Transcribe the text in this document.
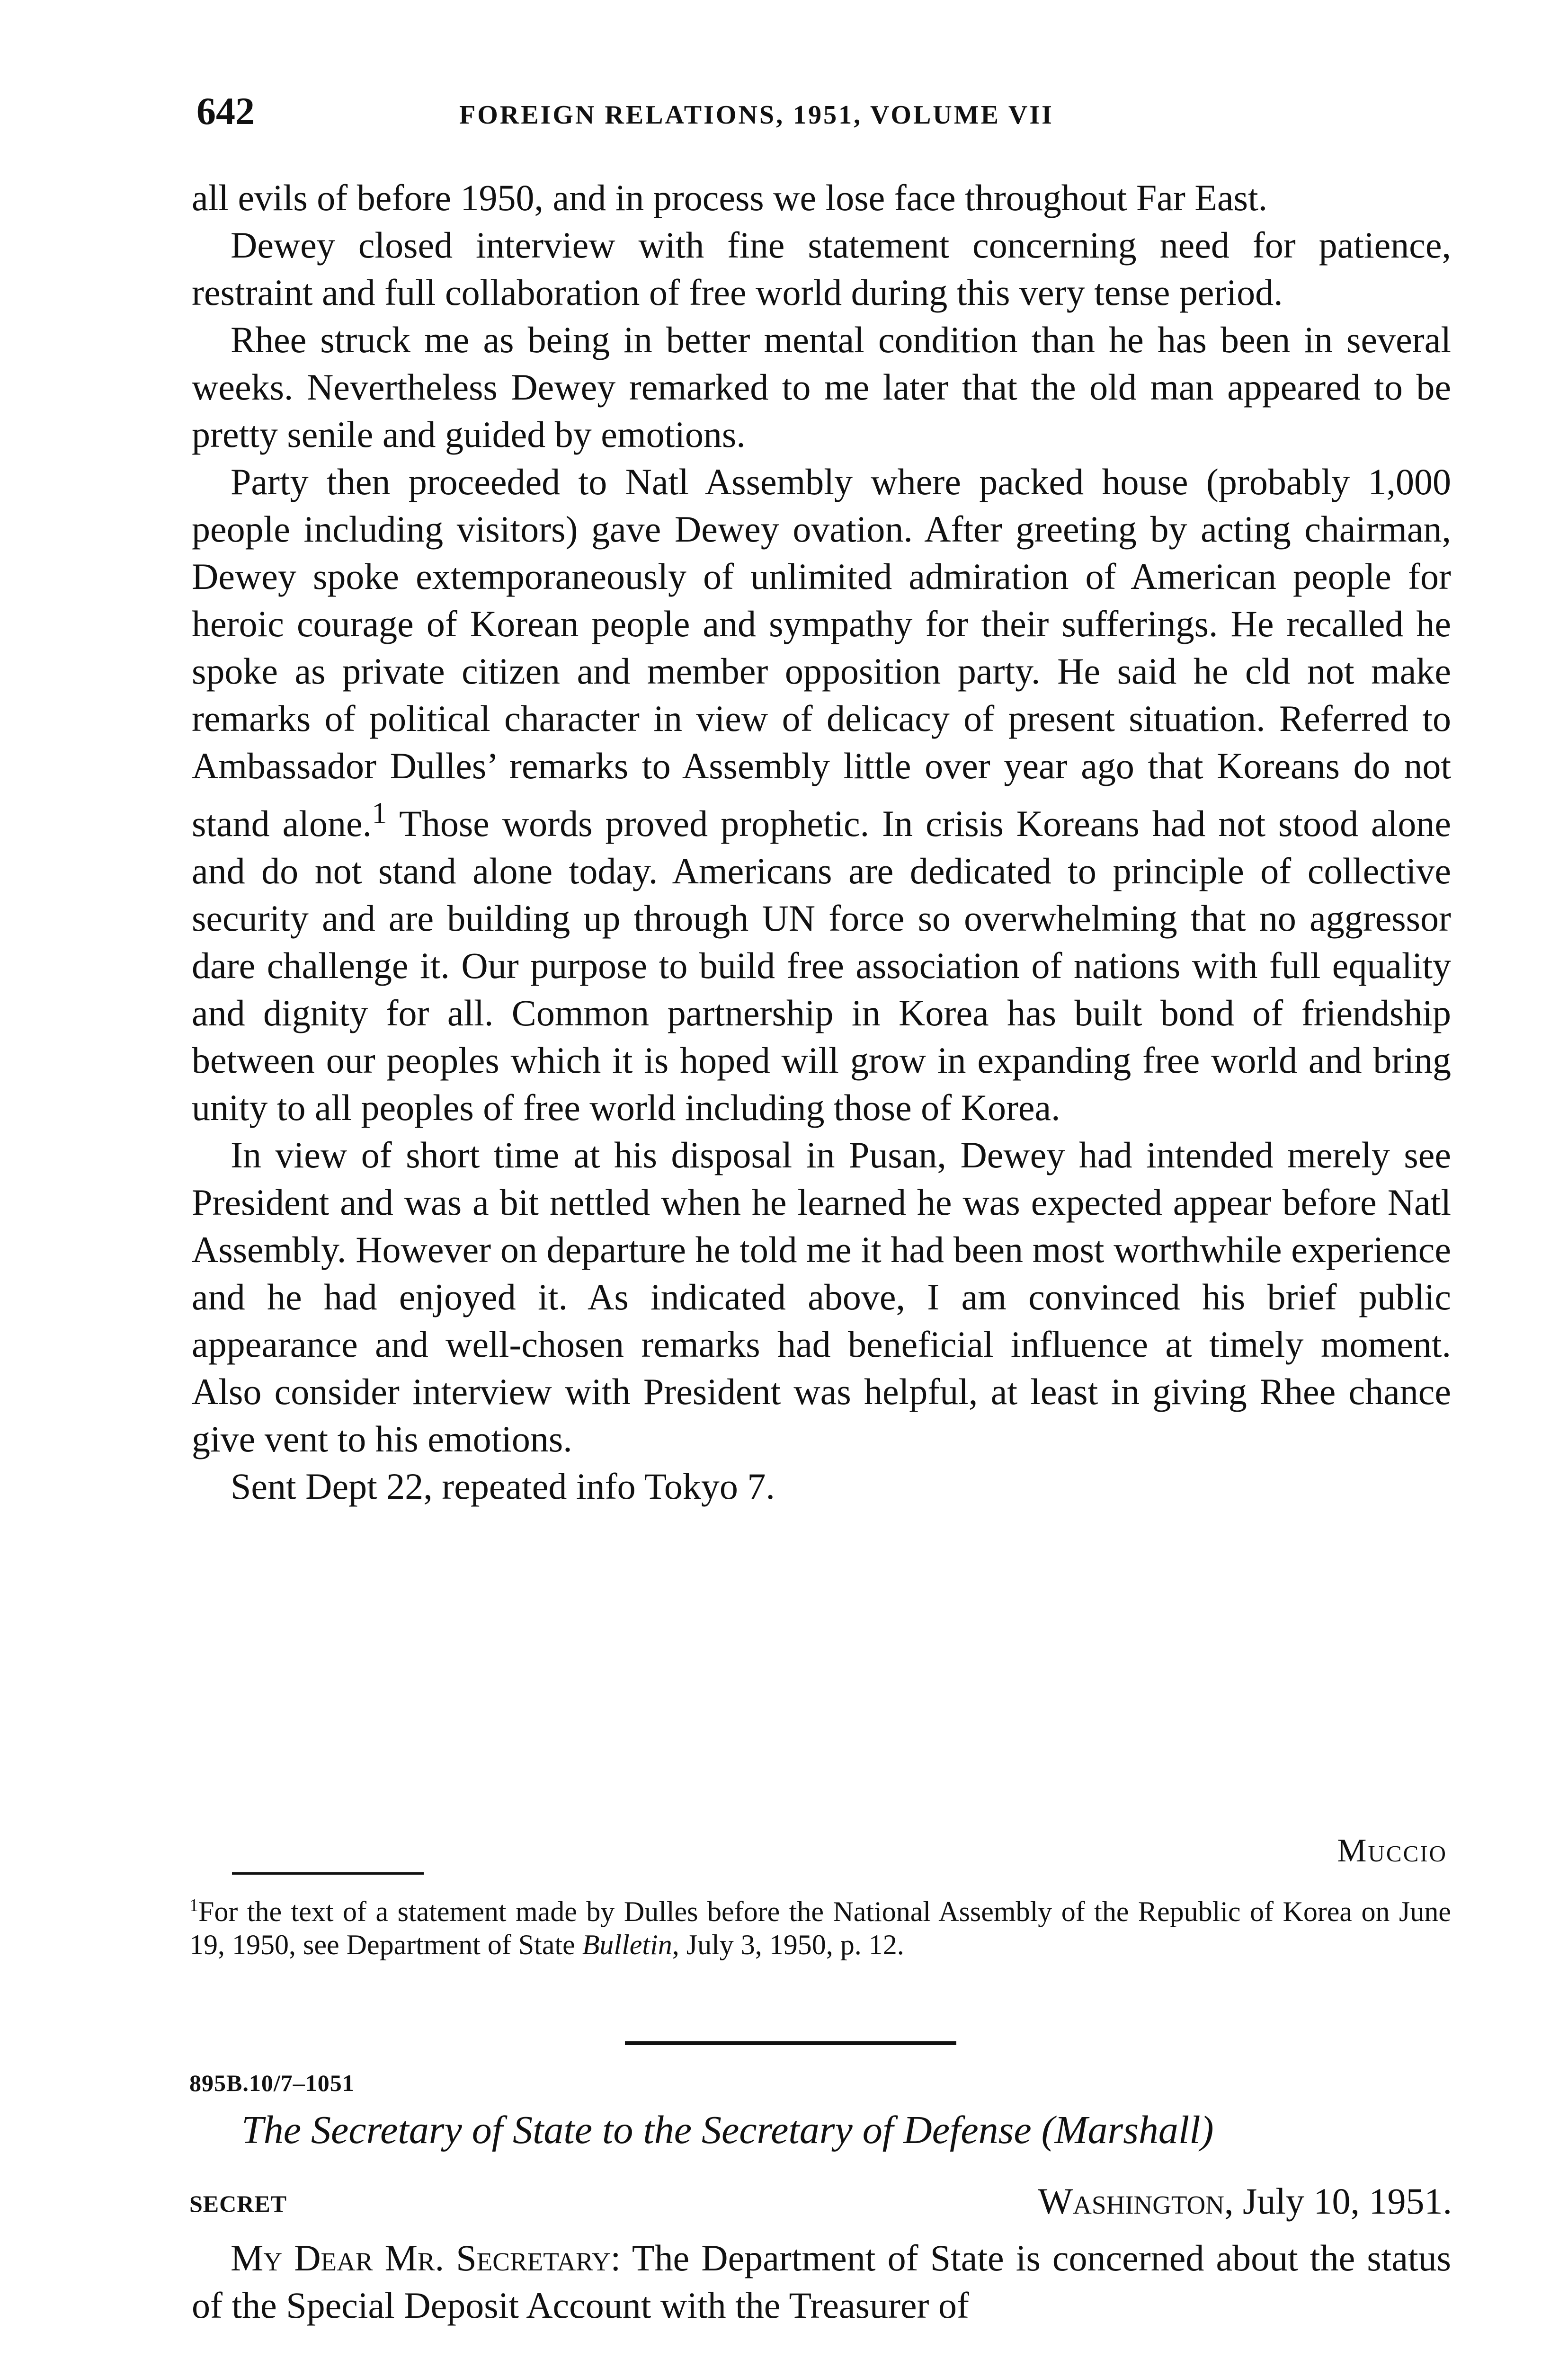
642	FOREIGN RELATIONS, 1951, VOLUME VII

all evils of before 1950, and in process we lose face throughout Far East.

Dewey closed interview with fine statement concerning need for patience, restraint and full collaboration of free world during this very tense period.

Rhee struck me as being in better mental condition than he has been in several weeks. Nevertheless Dewey remarked to me later that the old man appeared to be pretty senile and guided by emotions.

Party then proceeded to Natl Assembly where packed house (probably 1,000 people including visitors) gave Dewey ovation. After greeting by acting chairman, Dewey spoke extemporaneously of unlimited admiration of American people for heroic courage of Korean people and sympathy for their sufferings. He recalled he spoke as private citizen and member opposition party. He said he cld not make remarks of political character in view of delicacy of present situation. Referred to Ambassador Dulles’ remarks to Assembly little over year ago that Koreans do not stand alone.$^1$ Those words proved prophetic. In crisis Koreans had not stood alone and do not stand alone today. Americans are dedicated to principle of collective security and are building up through UN force so overwhelming that no aggressor dare challenge it. Our purpose to build free association of nations with full equality and dignity for all. Common partnership in Korea has built bond of friendship between our peoples which it is hoped will grow in expanding free world and bring unity to all peoples of free world including those of Korea.

In view of short time at his disposal in Pusan, Dewey had intended merely see President and was a bit nettled when he learned he was expected appear before Natl Assembly. However on departure he told me it had been most worthwhile experience and he had enjoyed it. As indicated above, I am convinced his brief public appearance and well-chosen remarks had beneficial influence at timely moment. Also consider interview with President was helpful, at least in giving Rhee chance give vent to his emotions.

Sent Dept 22, repeated info Tokyo 7.

Muccio
$^1$For the text of a statement made by Dulles before the National Assembly of the Republic of Korea on June 19, 1950, see Department of State Bulletin, July 3, 1950, p. 12.
895B.10/7–1051
The Secretary of State to the Secretary of Defense (Marshall)
SECRET	Washington, July 10, 1951.
My Dear Mr. Secretary: The Department of State is concerned about the status of the Special Deposit Account with the Treasurer of
